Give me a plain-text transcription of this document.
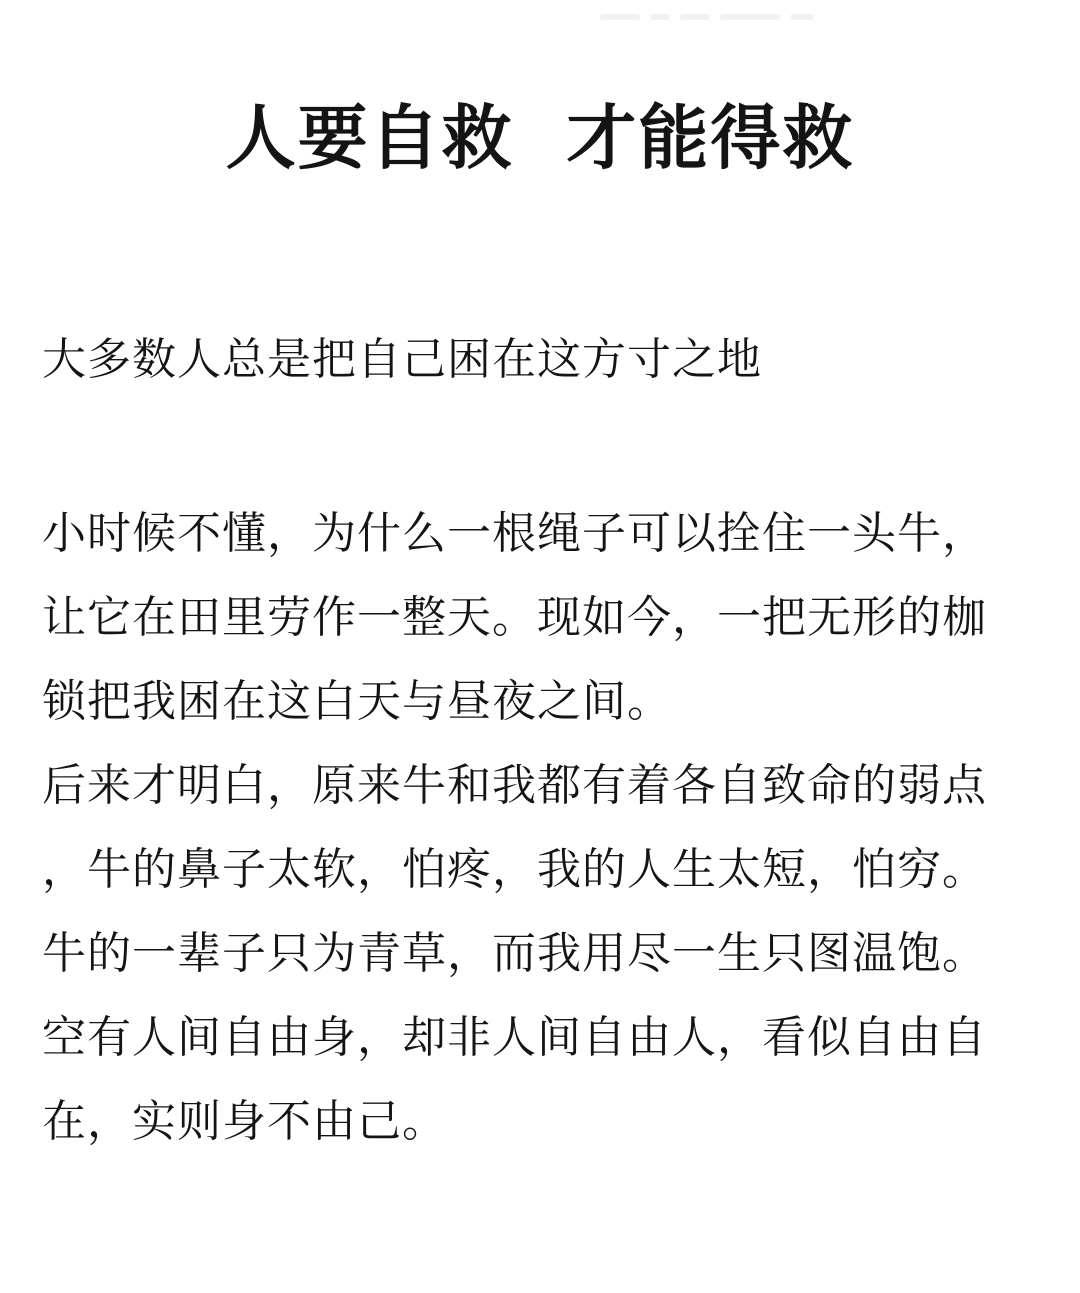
人要自救  才能得救
大多数人总是把自己困在这方寸之地
小时候不懂，为什么一根绳子可以拴住一头牛，
让它在田里劳作一整天。现如今，一把无形的枷
锁把我困在这白天与昼夜之间。
后来才明白，原来牛和我都有着各自致命的弱点
，牛的鼻子太软，怕疼，我的人生太短，怕穷。
牛的一辈子只为青草，而我用尽一生只图温饱。
空有人间自由身，却非人间自由人，看似自由自
在，实则身不由己。
